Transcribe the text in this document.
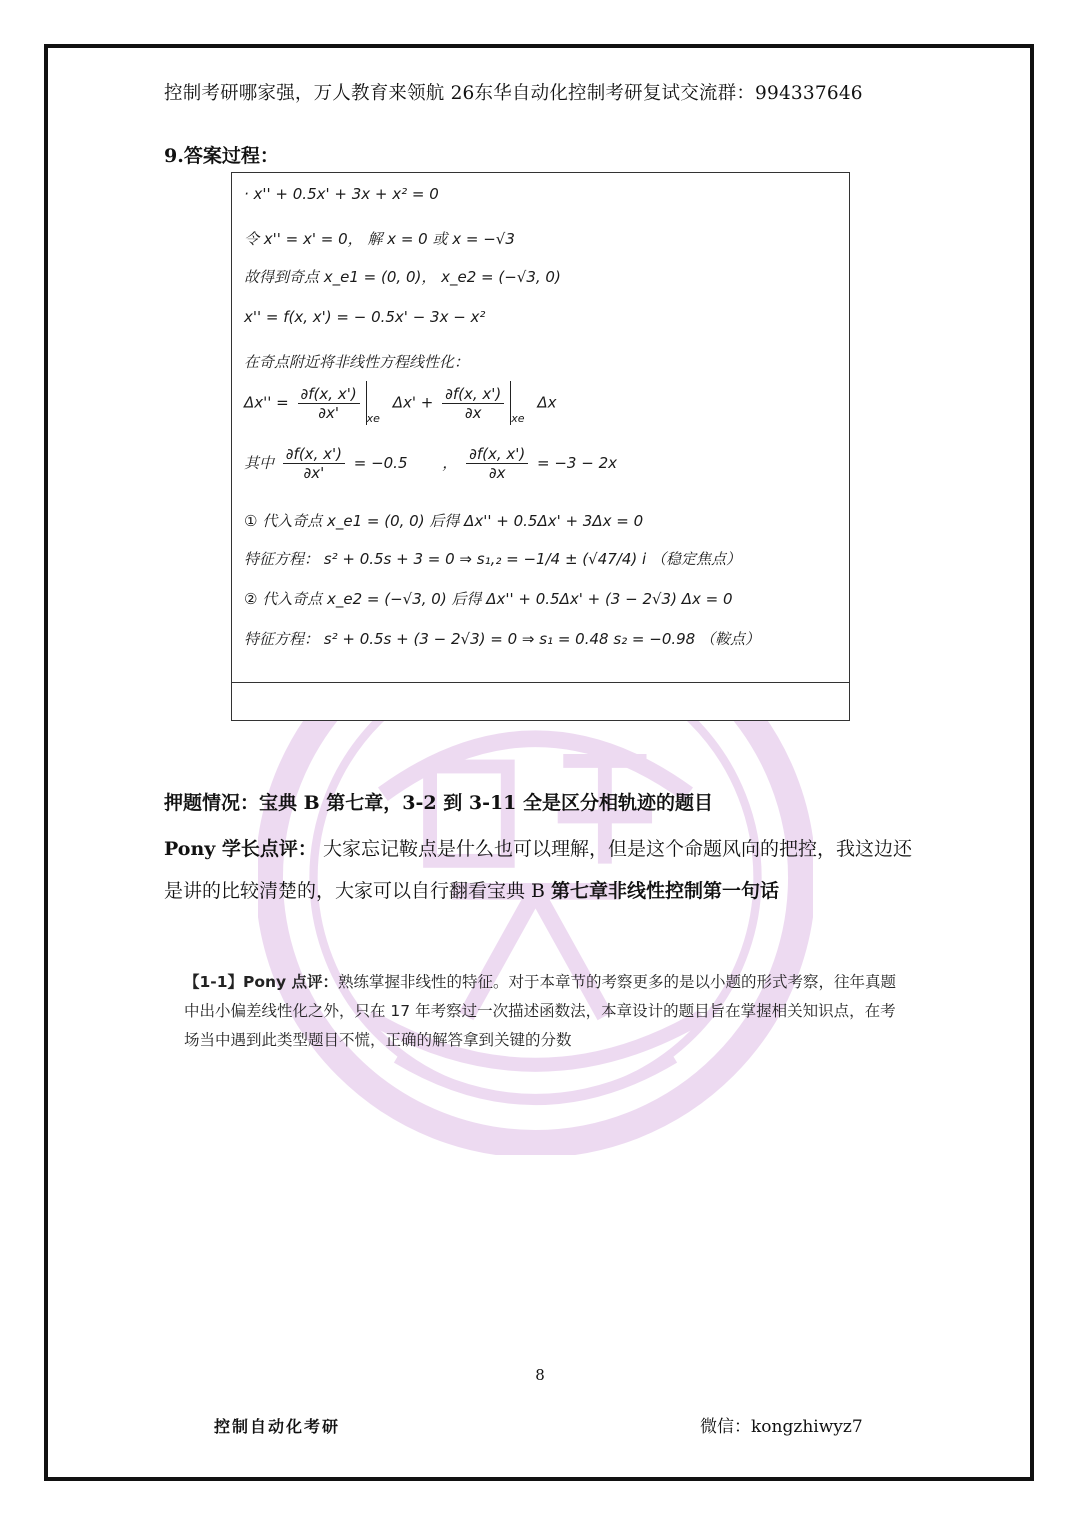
控制考研哪家强，万人教育来领航 26东华自动化控制考研复试交流群：994337646
9.答案过程：
· x'' + 0.5x' + 3x + x² = 0
令 x'' = x' = 0， 解 x = 0 或 x = −√3
故得到奇点 x_e1 = (0, 0)， x_e2 = (−√3, 0)
x'' = f(x, x') = − 0.5x' − 3x − x²
在奇点附近将非线性方程线性化：
$\Delta x'' = \frac{\partial f(x, x')}{\partial x'} _{xe}$ $\Delta x' + \frac{\partial f(x, x')}{\partial x} _{xe}$ Δx
其中 $\frac{\partial f(x, x')}{\partial x'} = -0.5$ ， $\frac{\partial f(x, x')}{\partial x} = -3 - 2x$
① 代入奇点 x_e1 = (0, 0) 后得 Δx'' + 0.5Δx' + 3Δx = 0
特征方程： s² + 0.5s + 3 = 0 ⇒ s₁,₂ = −1/4 ± (√47/4) i （稳定焦点）
② 代入奇点 x_e2 = (−√3, 0) 后得 Δx'' + 0.5Δx' + (3 − 2√3) Δx = 0
特征方程： s² + 0.5s + (3 − 2√3) = 0 ⇒ s₁ = 0.48 s₂ = −0.98 （鞍点）
押题情况：宝典 B 第七章，3-2 到 3-11 全是区分相轨迹的题目
Pony 学长点评： 大家忘记鞍点是什么也可以理解，但是这个命题风向的把控，我这边还是讲的比较清楚的，大家可以自行翻看宝典 B 第七章非线性控制第一句话
【1-1】Pony 点评：熟练掌握非线性的特征。对于本章节的考察更多的是以小题的形式考察，往年真题中出小偏差线性化之外，只在 17 年考察过一次描述函数法，本章设计的题目旨在掌握相关知识点，在考场当中遇到此类型题目不慌，正确的解答拿到关键的分数
8
控制自动化考研	微信：kongzhiwyz7
